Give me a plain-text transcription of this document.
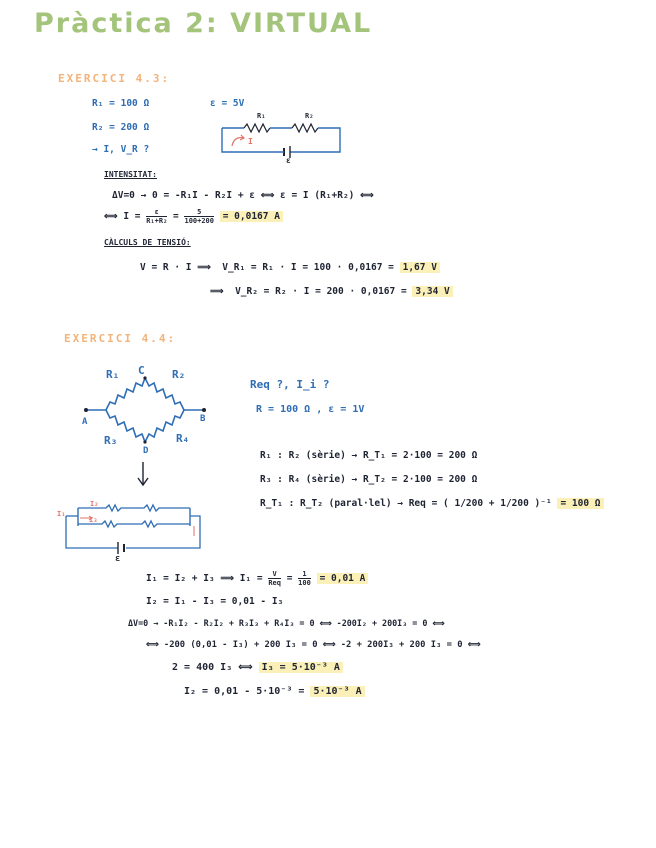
Pràctica 2: VIRTUAL
EXERCICI 4.3:
R₁ = 100 Ω
R₂ = 200 Ω
→ I, V_R ?
ε = 5V
R₁	R₂
I
ε
INTENSITAT:
ΔV=0 → 0 = -R₁I - R₂I + ε ⟺ ε = I (R₁+R₂) ⟺
⟺ $I = \frac{\varepsilon}{\text{R₁+R₂}} = \frac{5}{100+200} = 0,0167$ A
CÀLCULS DE TENSIÓ:
V = R · I ⟹ V_R₁ = R₁ · I = 100 · 0,0167 = 1,67 V
⟹ V_R₂ = R₂ · I = 200 · 0,0167 = 3,34 V
EXERCICI 4.4:
R₁ C R₂
A	B
R₃
D
R₄
I₁
I₃
I₂
ε
Req ?, I_i ?
R = 100 Ω , ε = 1V
R₁ : R₂ (sèrie) → R_T₁ = 2·100 = 200 Ω
R₃ : R₄ (sèrie) → R_T₂ = 2·100 = 200 Ω
R_T₁ : R_T₂ (paral·lel) → Req = ( 1/200 + 1/200 )⁻¹ = 100 Ω
I₁ = I₂ + I₃ ⟹ $I_1 = \frac{V}{\text{Req}} = \frac{1}{100} = 0,01$ A
I₂ = I₁ - I₃ = 0,01 - I₃
ΔV=0 → -R₁I₂ - R₂I₂ + R₃I₃ + R₄I₃ = 0 ⟺ -200I₂ + 200I₃ = 0 ⟺
⟺ -200 (0,01 - I₃) + 200 I₃ = 0 ⟺ -2 + 200I₃ + 200 I₃ = 0 ⟺
2 = 400 I₃ ⟺ I₃ = 5·10⁻³ A
I₂ = 0,01 - 5·10⁻³ = 5·10⁻³ A
